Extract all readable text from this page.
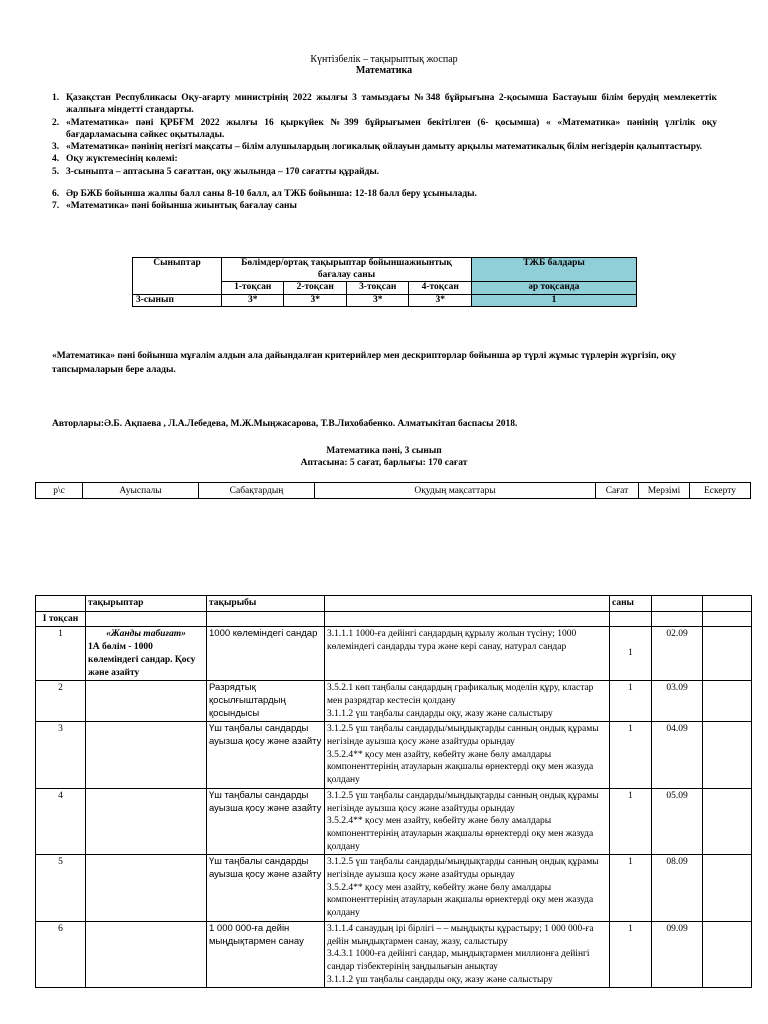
Күнтізбелік – тақырыптық жоспар
Математика
1. Қазақстан Республикасы Оқу-ағарту министрінің 2022 жылғы 3 тамыздағы №348 бұйрығына 2-қосымша Бастауыш білім берудің мемлекеттік жалпыға міндетті стандарты.
2. «Математика» пәні ҚРБҒМ 2022 жылғы 16 қыркүйек №399 бұйрығымен бекітілген (6- қосымша) « «Математика» пәнінің үлгілік оқу бағдарламасына сәйкес оқытылады.
3. «Математика» пәнінің негізгі мақсаты – білім алушылардың логикалық ойлауын дамыту арқылы математикалық білім негіздерін қалыптастыру.
4. Оқу жүктемесінің көлемі:
5. 3-сыныпта – аптасына 5 сағаттан, оқу жылында – 170 сағатты құрайды.
6. Әр БЖБ бойынша жалпы балл саны 8-10 балл, ал ТЖБ бойынша: 12-18 балл беру ұсынылады.
7. «Математика» пәні бойынша жиынтық бағалау саны
Сыныптар	Бөлімдер/ортақ тақырыптар бойыншажиынтық бағалау саны				ТЖБ балдары
	1-тоқсан	2-тоқсан	3-тоқсан	4-тоқсан	әр тоқсанда
3-сынып	3*	3*	3*	3*	1
«Математика» пәні бойынша мұғалім алдын ала дайындалған критерийлер мен дескрипторлар бойынша әр түрлі жұмыс түрлерін жүргізіп, оқу тапсырмаларын бере алады.
Авторлары:Ә.Б. Ақпаева , Л.А.Лебедева, М.Ж.Мыңжасарова, Т.В.Лихобабенко. Алматыкітап баспасы 2018.
Математика пәні, 3 сынып
Аптасына: 5 сағат, барлығы: 170 сағат
р\с	Ауыспалы	Сабақтардың	Оқудың мақсаттары	Сағат	Мерзімі	Ескерту
	тақырыптар	тақырыбы		саны		
I тоқсан						
1	«Жанды табиғат»
1А бөлім - 1000 көлеміндегі сандар. Қосу және азайту	1000 көлеміндегі сандар	3.1.1.1 1000-ға дейінгі сандардың құрылу жолын түсіну; 1000 көлеміндегі сандарды тура және кері санау, натурал сандар	1	02.09	
2		Разрядтық қосылғыштардың қосындысы	3.5.2.1 көп таңбалы сандардың графикалық моделін құру, кластар мен разрядтар кестесін қолдану
3.1.1.2 үш таңбалы сандарды оқу, жазу және салыстыру	1	03.09	
3		Үш таңбалы сандарды ауызша қосу және азайту	3.1.2.5 үш таңбалы сандарды/мыңдықтарды санның ондық құрамы негізінде ауызша қосу және азайтуды орындау
3.5.2.4** қосу мен азайту, көбейту және бөлу амалдары компоненттерінің атауларын жақшалы өрнектерді оқу мен жазуда қолдану	1	04.09	
4		Үш таңбалы сандарды ауызша қосу және азайту	3.1.2.5 үш таңбалы сандарды/мыңдықтарды санның ондық құрамы негізінде ауызша қосу және азайтуды орындау
3.5.2.4** қосу мен азайту, көбейту және бөлу амалдары компоненттерінің атауларын жақшалы өрнектерді оқу мен жазуда қолдану	1	05.09	
5		Үш таңбалы сандарды ауызша қосу және азайту	3.1.2.5 үш таңбалы сандарды/мыңдықтарды санның ондық құрамы негізінде ауызша қосу және азайтуды орындау
3.5.2.4** қосу мен азайту, көбейту және бөлу амалдары компоненттерінің атауларын жақшалы өрнектерді оқу мен жазуда қолдану	1	08.09	
6		1 000 000-ға дейін мыңдықтармен санау	3.1.1.4 санаудың ірі бірлігі – – мыңдықты құрастыру; 1 000 000-ға дейін мыңдықтармен санау, жазу, салыстыру
3.4.3.1 1000-ға дейінгі сандар, мыңдықтармен миллионға дейінгі сандар тізбектерінің заңдылығын анықтау
3.1.1.2 үш таңбалы сандарды оқу, жазу және салыстыру	1	09.09	
